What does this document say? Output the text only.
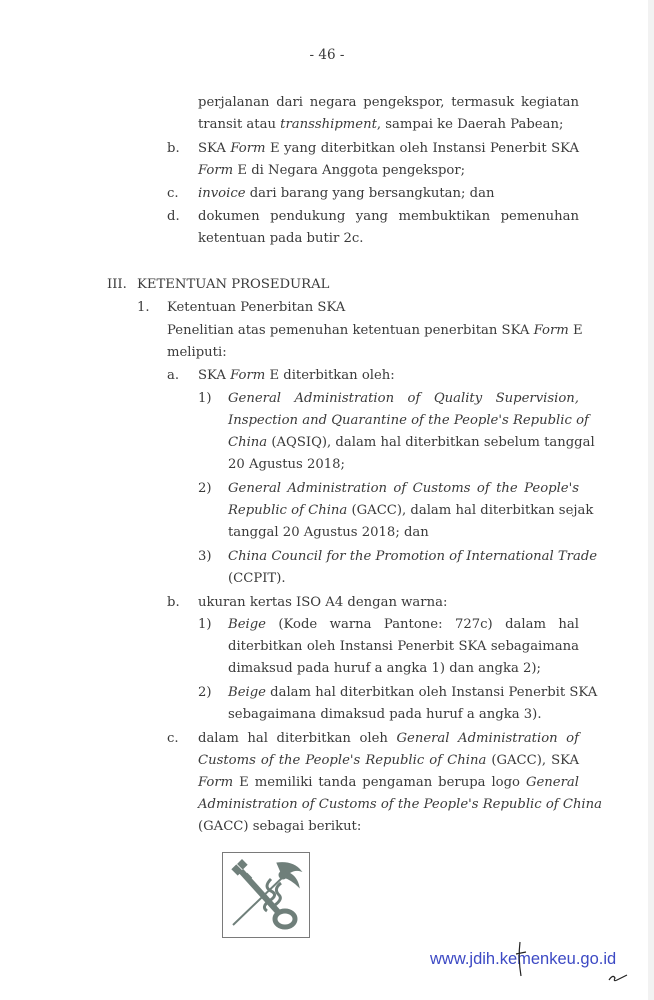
- 46 -
perjalanan dari negara pengekspor, termasuk kegiatan
transit atau transshipment, sampai ke Daerah Pabean;
b. SKA Form E yang diterbitkan oleh Instansi Penerbit SKA
Form E di Negara Anggota pengekspor;
c. invoice dari barang yang bersangkutan; dan
d. dokumen pendukung yang membuktikan pemenuhan
ketentuan pada butir 2c.
III. KETENTUAN PROSEDURAL
1. Ketentuan Penerbitan SKA
Penelitian atas pemenuhan ketentuan penerbitan SKA Form E
meliputi:
a. SKA Form E diterbitkan oleh:
1) General Administration of Quality Supervision,
Inspection and Quarantine of the People's Republic of
China (AQSIQ), dalam hal diterbitkan sebelum tanggal
20 Agustus 2018;
2) General Administration of Customs of the People's
Republic of China (GACC), dalam hal diterbitkan sejak
tanggal 20 Agustus 2018; dan
3) China Council for the Promotion of International Trade
(CCPIT).
b. ukuran kertas ISO A4 dengan warna:
1) Beige (Kode warna Pantone: 727c) dalam hal
diterbitkan oleh Instansi Penerbit SKA sebagaimana
dimaksud pada huruf a angka 1) dan angka 2);
2) Beige dalam hal diterbitkan oleh Instansi Penerbit SKA
sebagaimana dimaksud pada huruf a angka 3).
c. dalam hal diterbitkan oleh General Administration of
Customs of the People's Republic of China (GACC), SKA
Form E memiliki tanda pengaman berupa logo General
Administration of Customs of the People's Republic of China
(GACC) sebagai berikut:
www.jdih.kemenkeu.go.id
